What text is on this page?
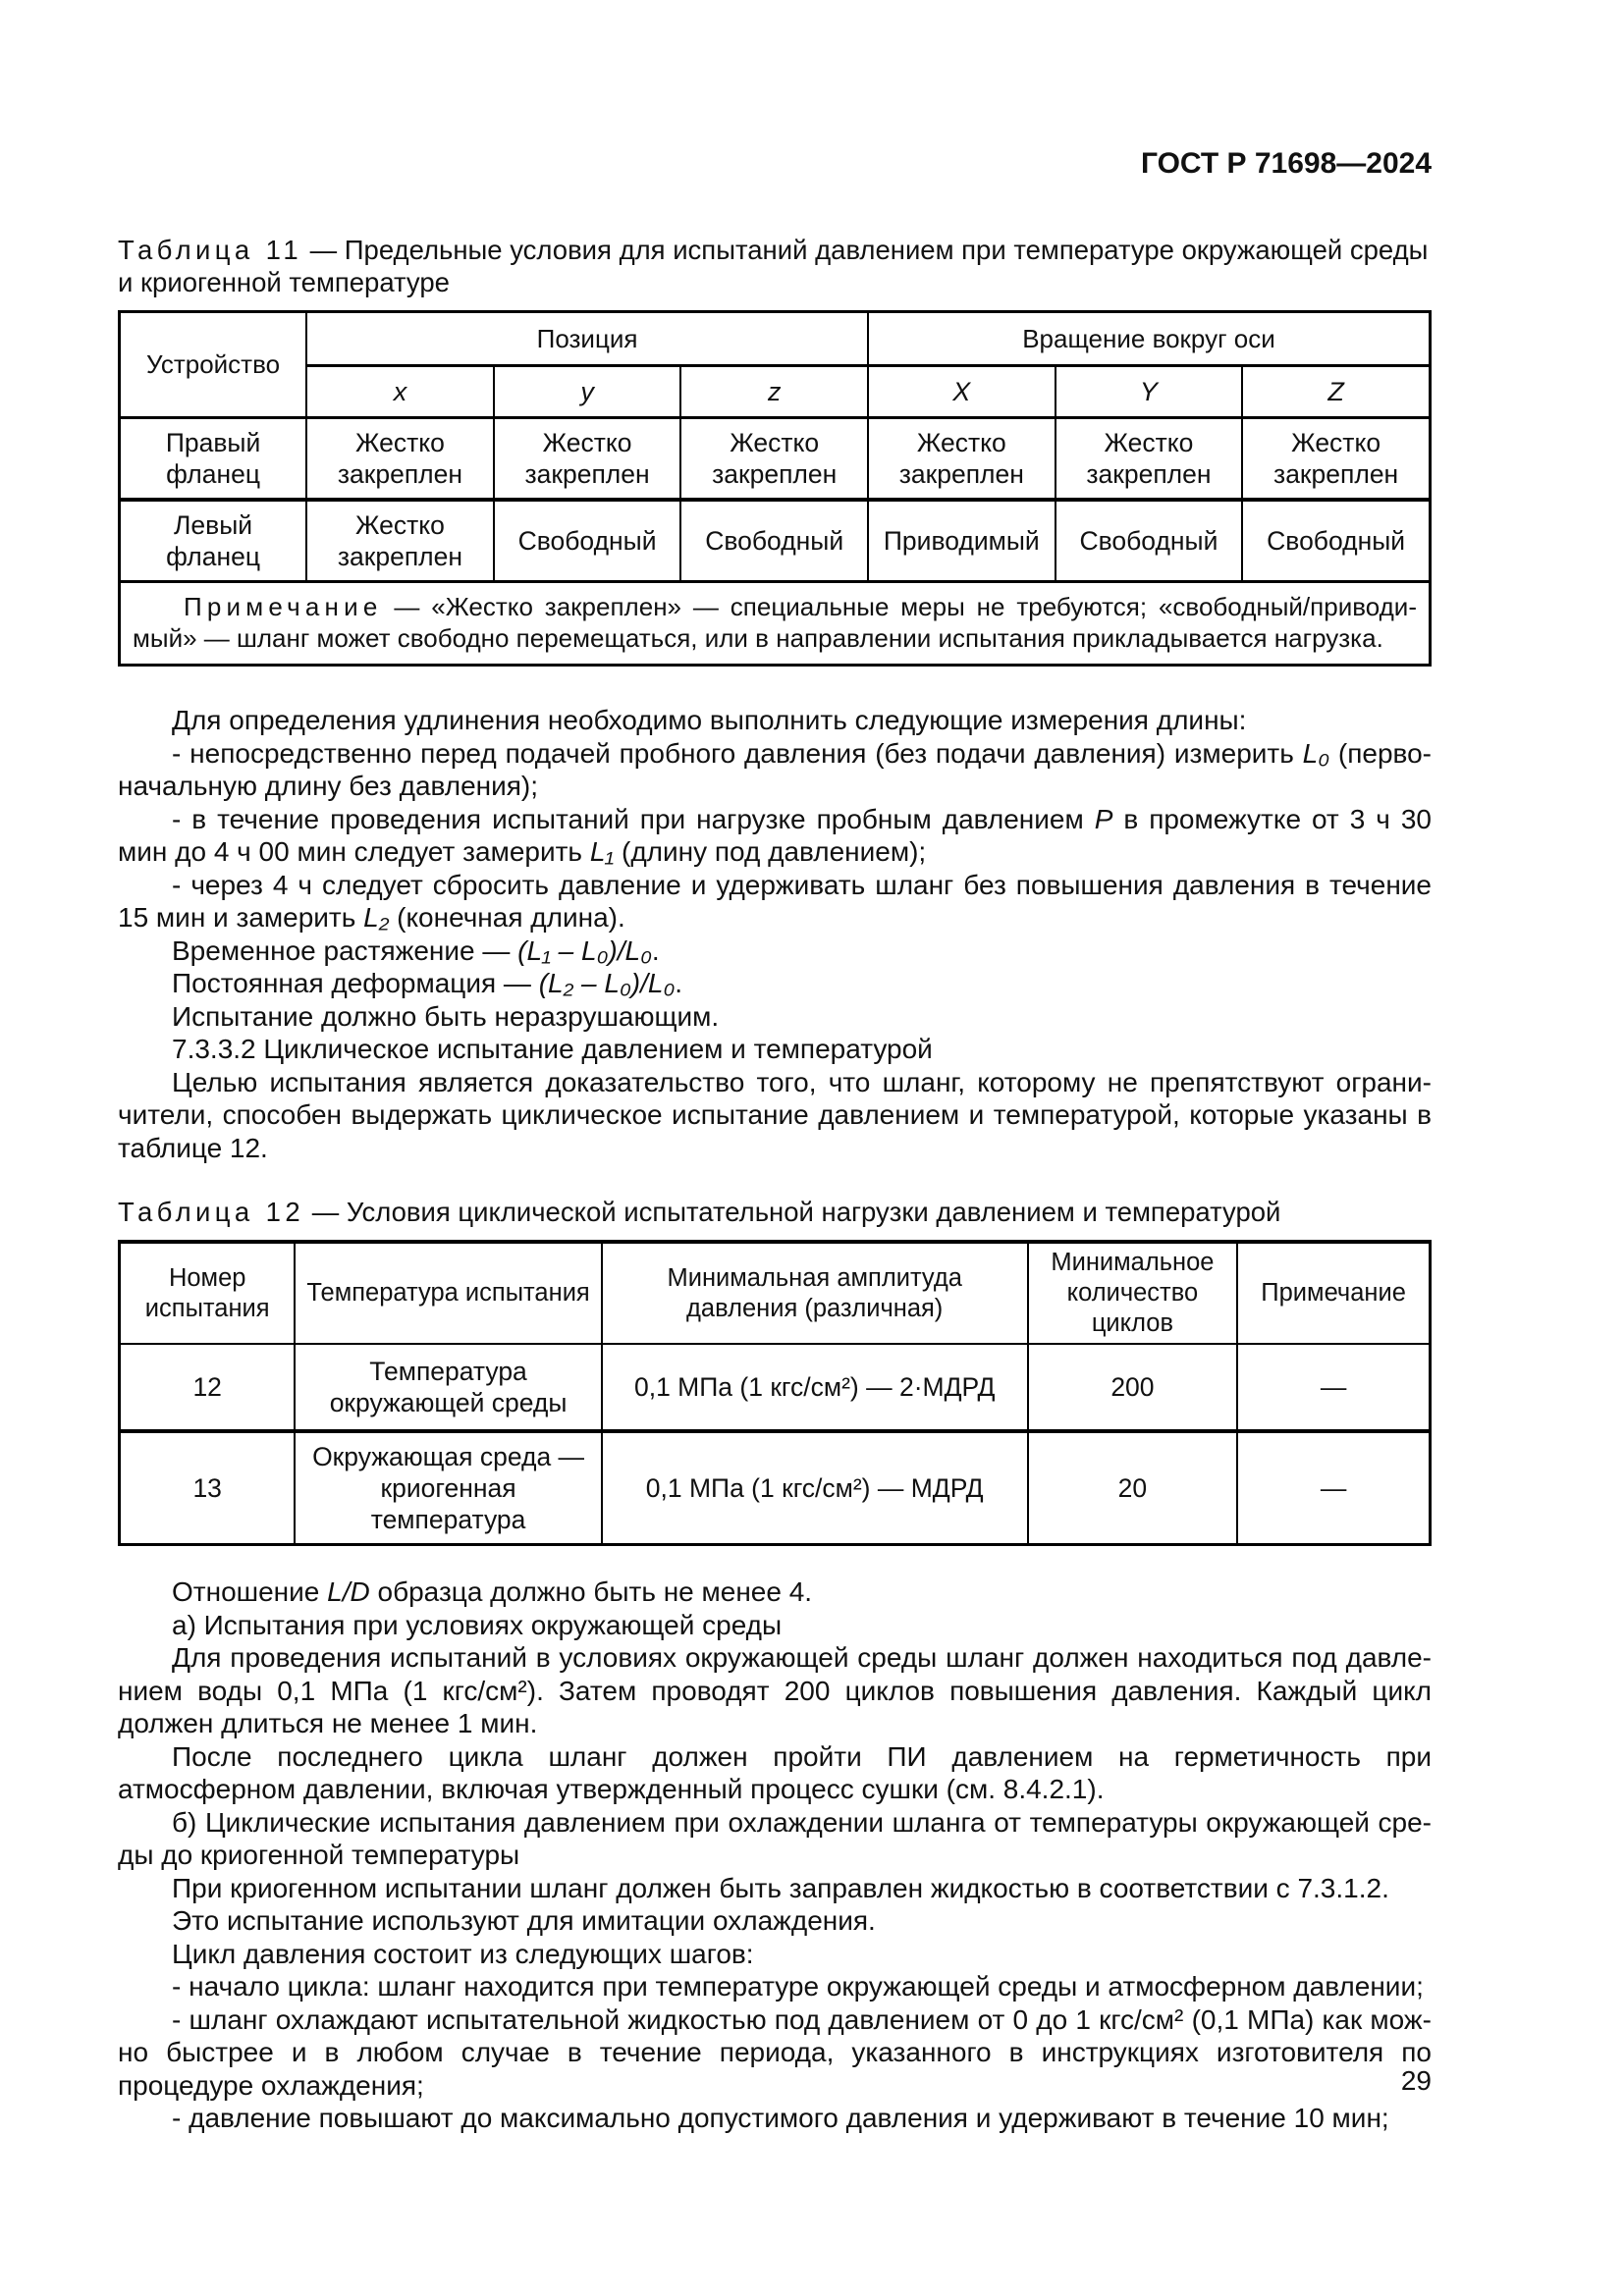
ГОСТ Р 71698—2024

Таблица 11 — Предельные условия для испытаний давлением при температуре окружающей среды и криогенной температуре

Устройство	Позиция			Вращение вокруг оси		
	x	y	z	X	Y	Z
Правый фланец	Жестко закреплен	Жестко закреплен	Жестко закреплен	Жестко закреплен	Жестко закреплен	Жестко закреплен
Левый фланец	Жестко закреплен	Свободный	Свободный	Приводимый	Свободный	Свободный
Примечание — «Жестко закреплен» — специальные меры не требуются; «свободный/приводимый» — шланг может свободно перемещаться, или в направлении испытания прикладывается нагрузка.						

Для определения удлинения необходимо выполнить следующие измерения длины:

- непосредственно перед подачей пробного давления (без подачи давления) измерить L₀ (первоначальную длину без давления);

- в течение проведения испытаний при нагрузке пробным давлением P в промежутке от 3 ч 30 мин до 4 ч 00 мин следует замерить L₁ (длину под давлением);

- через 4 ч следует сбросить давление и удерживать шланг без повышения давления в течение 15 мин и замерить L₂ (конечная длина).

Временное растяжение — (L₁ – L₀)/L₀.

Постоянная деформация — (L₂ – L₀)/L₀.

Испытание должно быть неразрушающим.

7.3.3.2 Циклическое испытание давлением и температурой

Целью испытания является доказательство того, что шланг, которому не препятствуют ограничители, способен выдержать циклическое испытание давлением и температурой, которые указаны в таблице 12.

Таблица 12 — Условия циклической испытательной нагрузки давлением и температурой

Номер испытания	Температура испытания	Минимальная амплитуда давления (различная)	Минимальное количество циклов	Примечание
12	Температура окружающей среды	0,1 МПа (1 кгс/см²) — 2·МДРД	200	—
13	Окружающая среда — криогенная температура	0,1 МПа (1 кгс/см²) — МДРД	20	—

Отношение L/D образца должно быть не менее 4.

а) Испытания при условиях окружающей среды

Для проведения испытаний в условиях окружающей среды шланг должен находиться под давлением воды 0,1 МПа (1 кгс/см²). Затем проводят 200 циклов повышения давления. Каждый цикл должен длиться не менее 1 мин.

После последнего цикла шланг должен пройти ПИ давлением на герметичность при атмосферном давлении, включая утвержденный процесс сушки (см. 8.4.2.1).

б) Циклические испытания давлением при охлаждении шланга от температуры окружающей среды до криогенной температуры

При криогенном испытании шланг должен быть заправлен жидкостью в соответствии с 7.3.1.2.

Это испытание используют для имитации охлаждения.

Цикл давления состоит из следующих шагов:

- начало цикла: шланг находится при температуре окружающей среды и атмосферном давлении;

- шланг охлаждают испытательной жидкостью под давлением от 0 до 1 кгс/см² (0,1 МПа) как можно быстрее и в любом случае в течение периода, указанного в инструкциях изготовителя по процедуре охлаждения;

- давление повышают до максимально допустимого давления и удерживают в течение 10 мин;

29
